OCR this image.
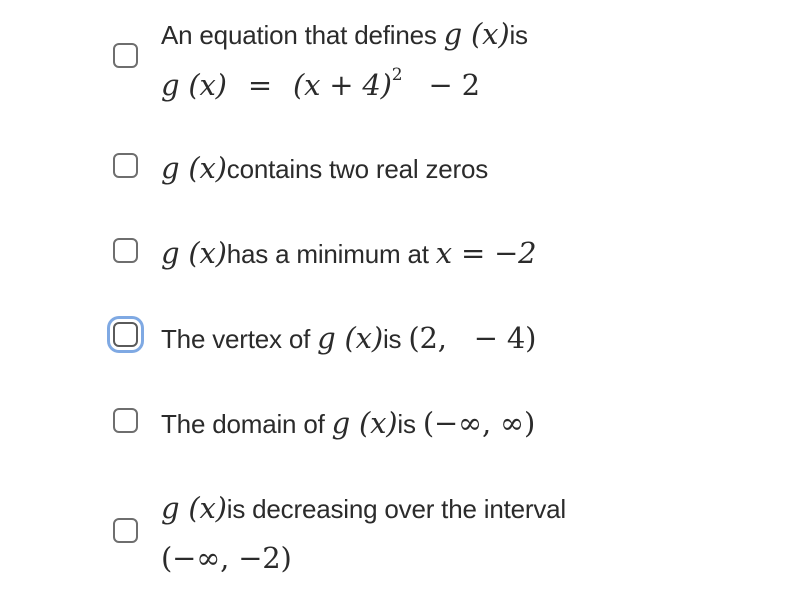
An equation that defines g (x)is
g $(x) = (x + 4)^2 - 2$
g (x)contains two real zeros
g (x)has a minimum at x = −2
The vertex of g (x)is (2,   − 4)
The domain of g (x)is (−∞, ∞)
g (x)is decreasing over the interval
(−∞, −2)
